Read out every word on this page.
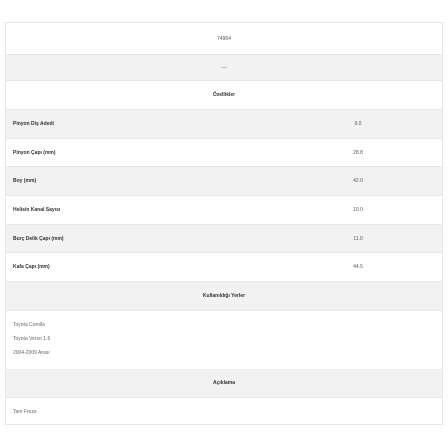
74964
----
Özellikler
Pinyon Diş Adedi	9.0
Pinyon Çapı (mm)	28.8
Boy (mm)	42.0
Helisin Kanal Sayısı	10.0
Burç Delik Çapı (mm)	11.0
Kafa Çapı (mm)	44.5
Kullanıldığı Yerler
Toyota Corolla
Toyota Verso 1.6
2004-2009 Arası
Açıklama
Tam Freze
